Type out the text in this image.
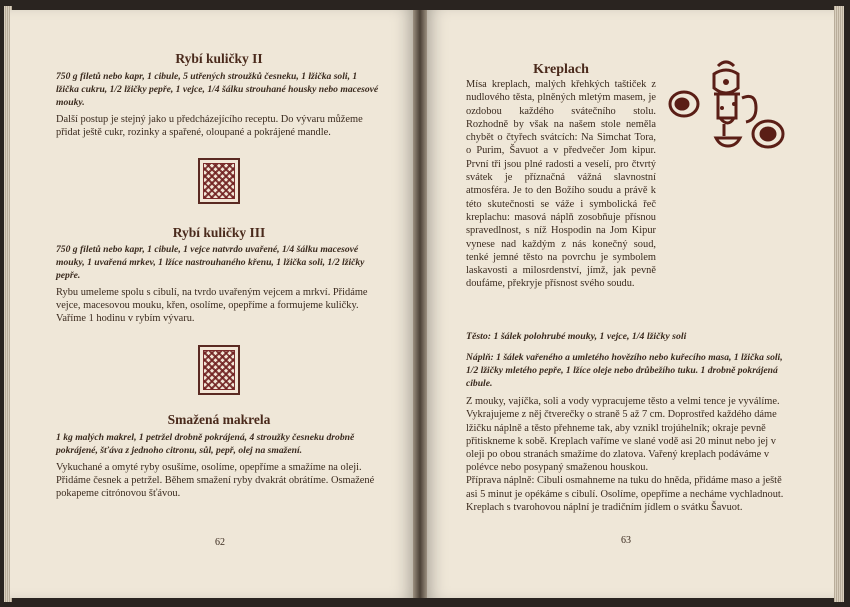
Rybí kuličky II

750 g filetů nebo kapr, 1 cibule, 5 utřených stroužků česneku, 1 lžička soli, 1 lžička cukru, 1/2 lžičky pepře, 1 vejce, 1/4 šálku strouhané housky nebo macesové mouky.

Další postup je stejný jako u předcházejícího receptu. Do vývaru můžeme přidat ještě cukr, rozinky a spařené, oloupané a pokrájené mandle.

Rybí kuličky III

750 g filetů nebo kapr, 1 cibule, 1 vejce natvrdo uvařené, 1/4 šálku macesové mouky, 1 uvařená mrkev, 1 lžíce nastrouhaného křenu, 1 lžička soli, 1/2 lžičky pepře.

Rybu umeleme spolu s cibulí, na tvrdo uvařeným vejcem a mrkví. Přidáme vejce, macesovou mouku, křen, osolíme, opepříme a formujeme kuličky. Vaříme 1 hodinu v rybím vývaru.

Smažená makrela

1 kg malých makrel, 1 petržel drobně pokrájená, 4 stroužky česneku drobně pokrájené, šťáva z jednoho citronu, sůl, pepř, olej na smažení.

Vykuchané a omyté ryby osušíme, osolíme, opepříme a smažíme na oleji. Přidáme česnek a petržel. Během smažení ryby dvakrát obrátíme. Osmažené pokapeme citrónovou šťávou.

62
Kreplach
Mísa kreplach, malých křehkých taštiček z nudlového těsta, plněných mletým masem, je ozdobou každého svátečního stolu. Rozhodně by však na našem stole neměla chybět o čtyřech svátcích: Na Simchat Tora, o Purim, Šavuot a v předvečer Jom kipur. První tři jsou plné radosti a veselí, pro čtvrtý svátek je příznačná vážná slavnostní atmosféra. Je to den Božího soudu a právě k této skutečnosti se váže i symbolická řeč kreplachu: masová náplň zosobňuje přísnou spravedlnost, s níž Hospodin na Jom Kipur vynese nad každým z nás konečný soud, tenké jemné těsto na povrchu je symbolem laskavosti a milosrdenství, jímž, jak pevně doufáme, překryje přísnost svého soudu.

Těsto: 1 šálek polohrubé mouky, 1 vejce, 1/4 lžičky soli

Náplň: 1 šálek vařeného a umletého hovězího nebo kuřecího masa, 1 lžička soli, 1/2 lžičky mletého pepře, 1 lžíce oleje nebo drůbežího tuku. 1 drobně pokrájená cibule.

Z mouky, vajíčka, soli a vody vypracujeme těsto a velmi tence je vyválíme. Vykrajujeme z něj čtverečky o straně 5 až 7 cm. Doprostřed každého dáme lžičku náplně a těsto přehneme tak, aby vznikl trojúhelník; okraje pevně přitiskneme k sobě. Kreplach vaříme ve slané vodě asi 20 minut nebo jej v oleji po obou stranách smažíme do zlatova. Vařený kreplach podáváme v polévce nebo posypaný smaženou houskou.

Příprava náplně: Cibuli osmahneme na tuku do hněda, přidáme maso a ještě asi 5 minut je opékáme s cibulí. Osolíme, opepříme a necháme vychladnout.

Kreplach s tvarohovou náplní je tradičním jídlem o svátku Šavuot.

63
